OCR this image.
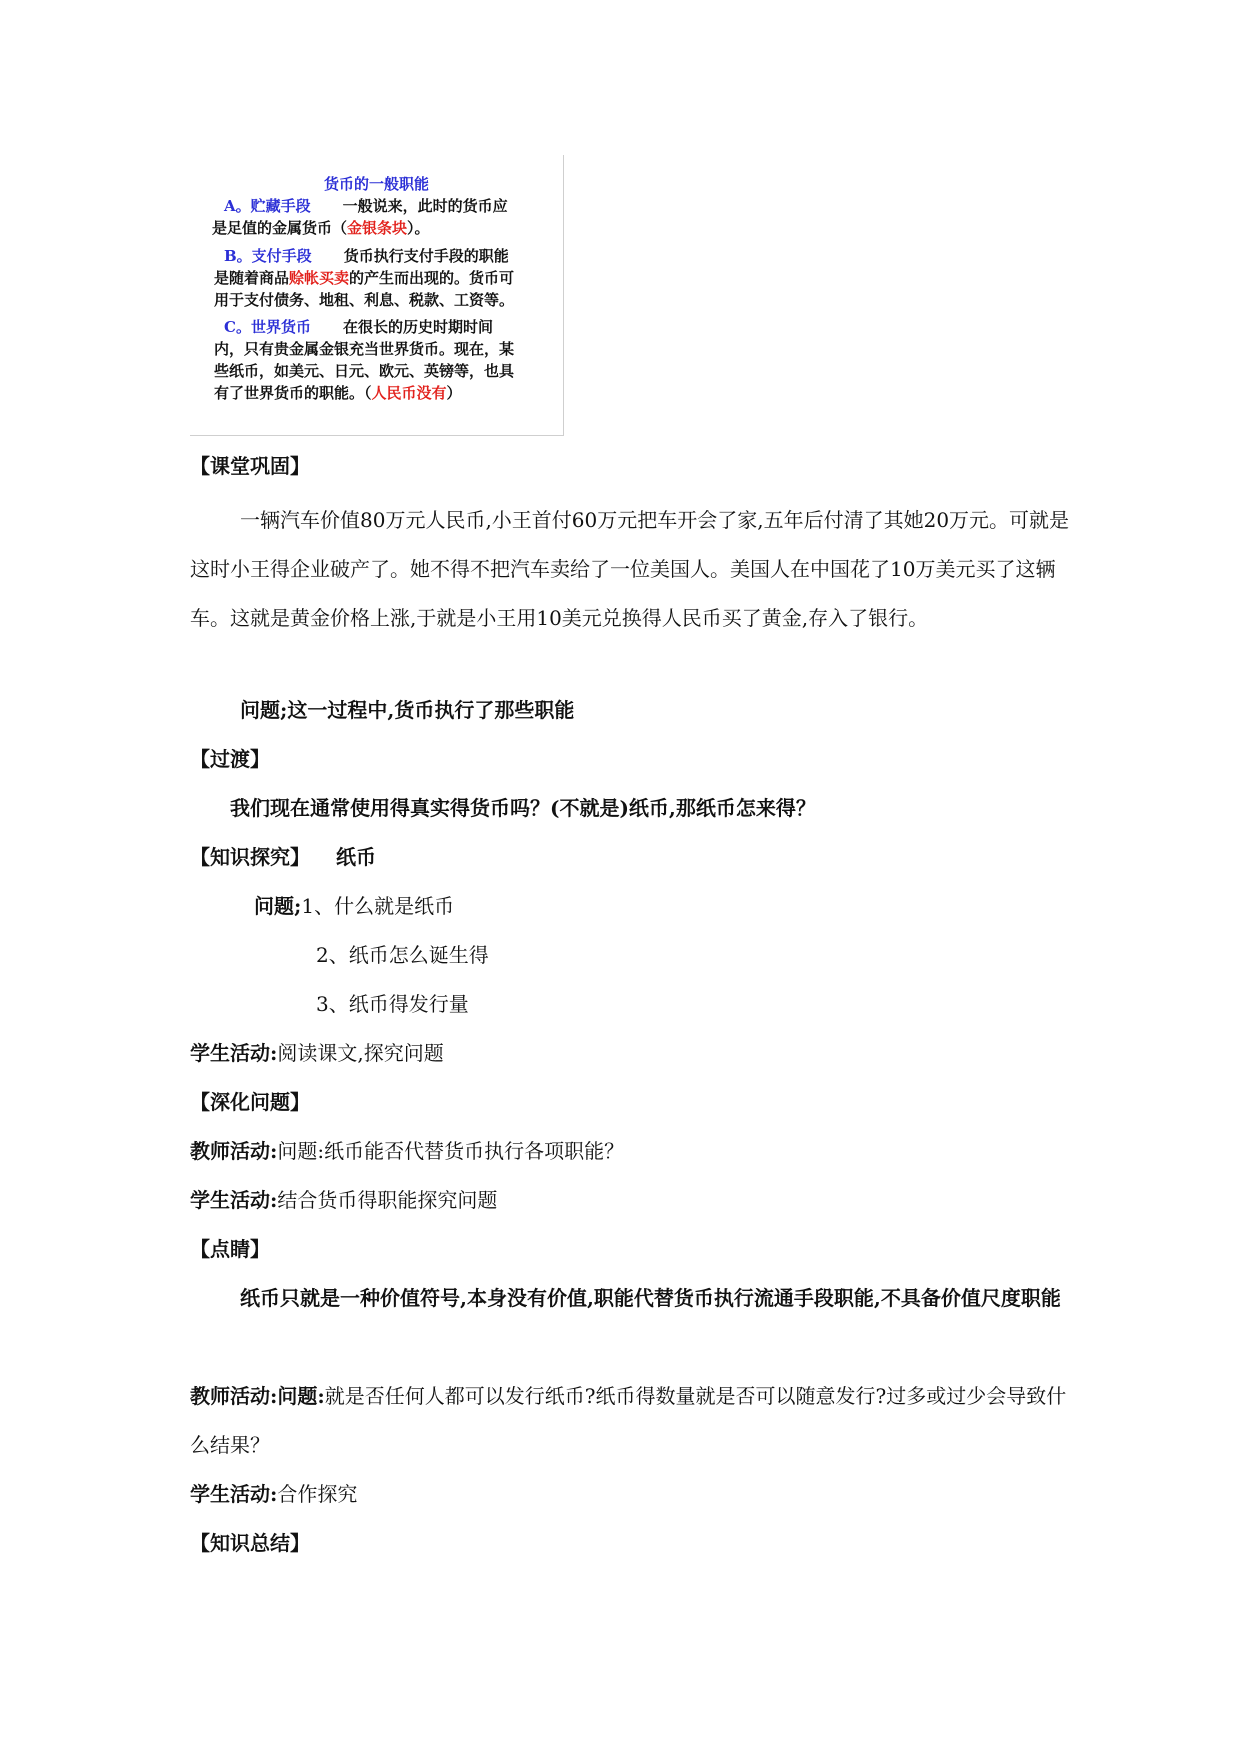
货币的一般职能
A。贮藏手段 一般说来，此时的货币应
是足值的金属货币（金银条块）。
B。支付手段 货币执行支付手段的职能
是随着商品赊帐买卖的产生而出现的。货币可
用于支付债务、地租、利息、税款、工资等。
C。世界货币 在很长的历史时期时间
内，只有贵金属金银充当世界货币。现在，某
些纸币，如美元、日元、欧元、英镑等，也具
有了世界货币的职能。（人民币没有）
【课堂巩固】
一辆汽车价值80万元人民币,小王首付60万元把车开会了家,五年后付清了其她20万元。可就是这时小王得企业破产了。她不得不把汽车卖给了一位美国人。美国人在中国花了10万美元买了这辆车。这就是黄金价格上涨,于就是小王用10美元兑换得人民币买了黄金,存入了银行。
问题;这一过程中,货币执行了那些职能
【过渡】
我们现在通常使用得真实得货币吗？(不就是)纸币,那纸币怎来得？
【知识探究】 纸币
问题;1、什么就是纸币
2、纸币怎么诞生得
3、纸币得发行量
学生活动:阅读课文,探究问题
【深化问题】
教师活动:问题:纸币能否代替货币执行各项职能？
学生活动:结合货币得职能探究问题
【点睛】
纸币只就是一种价值符号,本身没有价值,职能代替货币执行流通手段职能,不具备价值尺度职能
教师活动:问题:就是否任何人都可以发行纸币?纸币得数量就是否可以随意发行?过多或过少会导致什么结果？
学生活动:合作探究
【知识总结】
